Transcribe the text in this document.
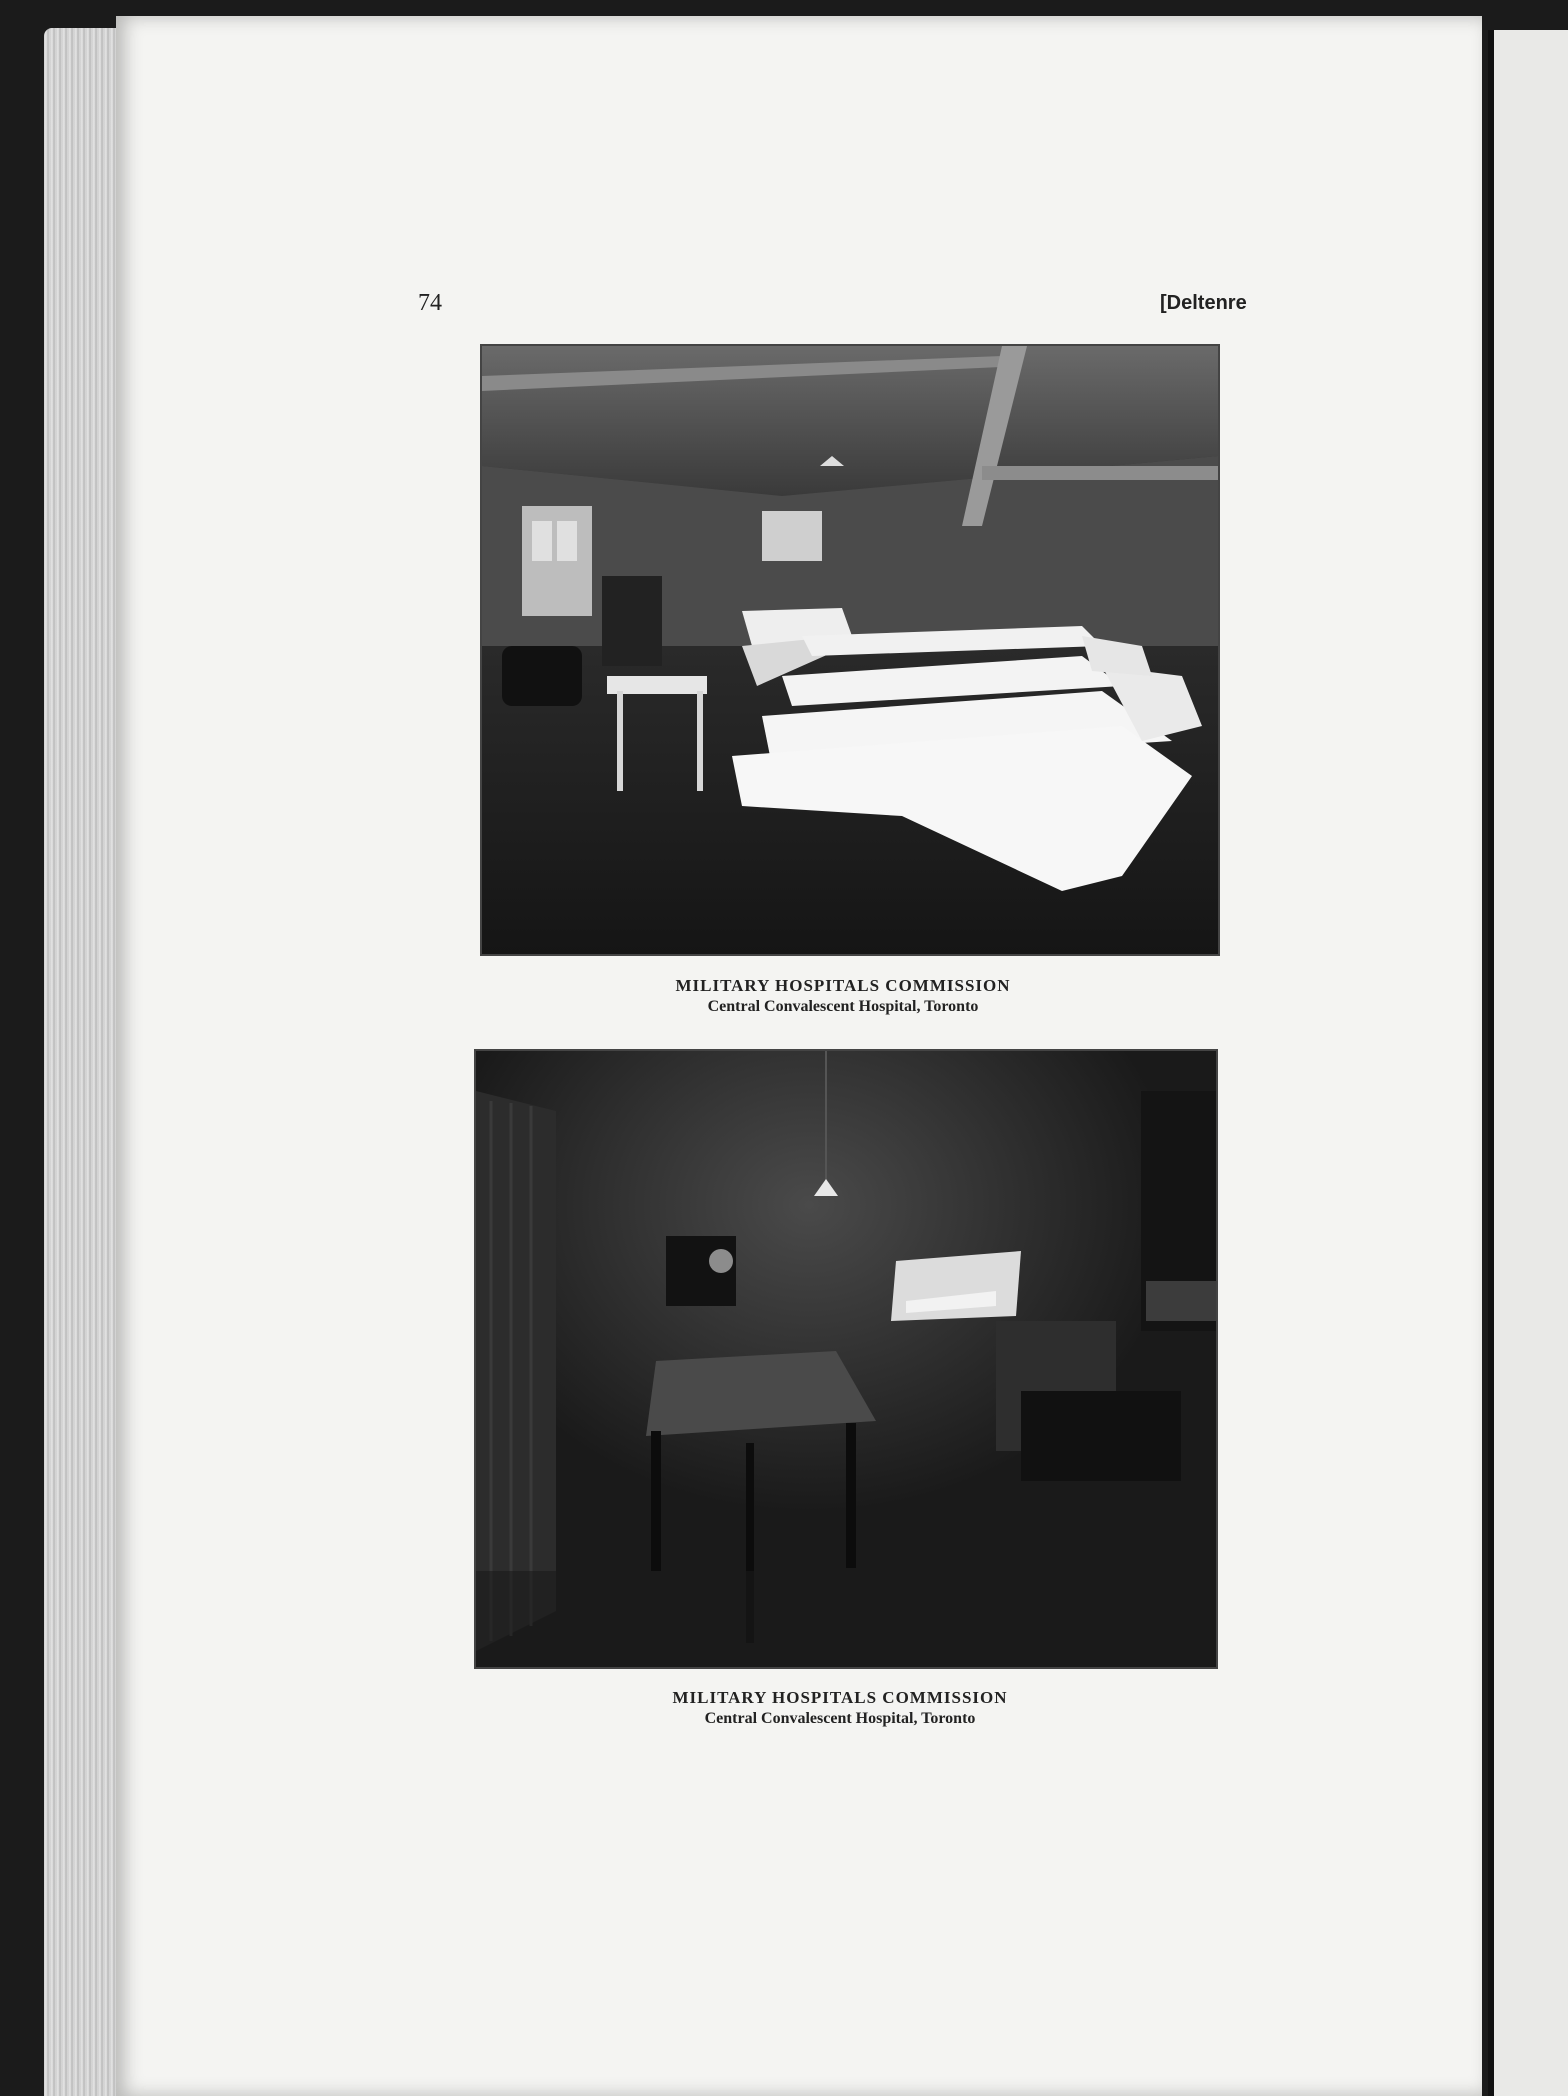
74	[Deltenre
MILITARY HOSPITALS COMMISSION
Central Convalescent Hospital, Toronto
MILITARY HOSPITALS COMMISSION
Central Convalescent Hospital, Toronto
